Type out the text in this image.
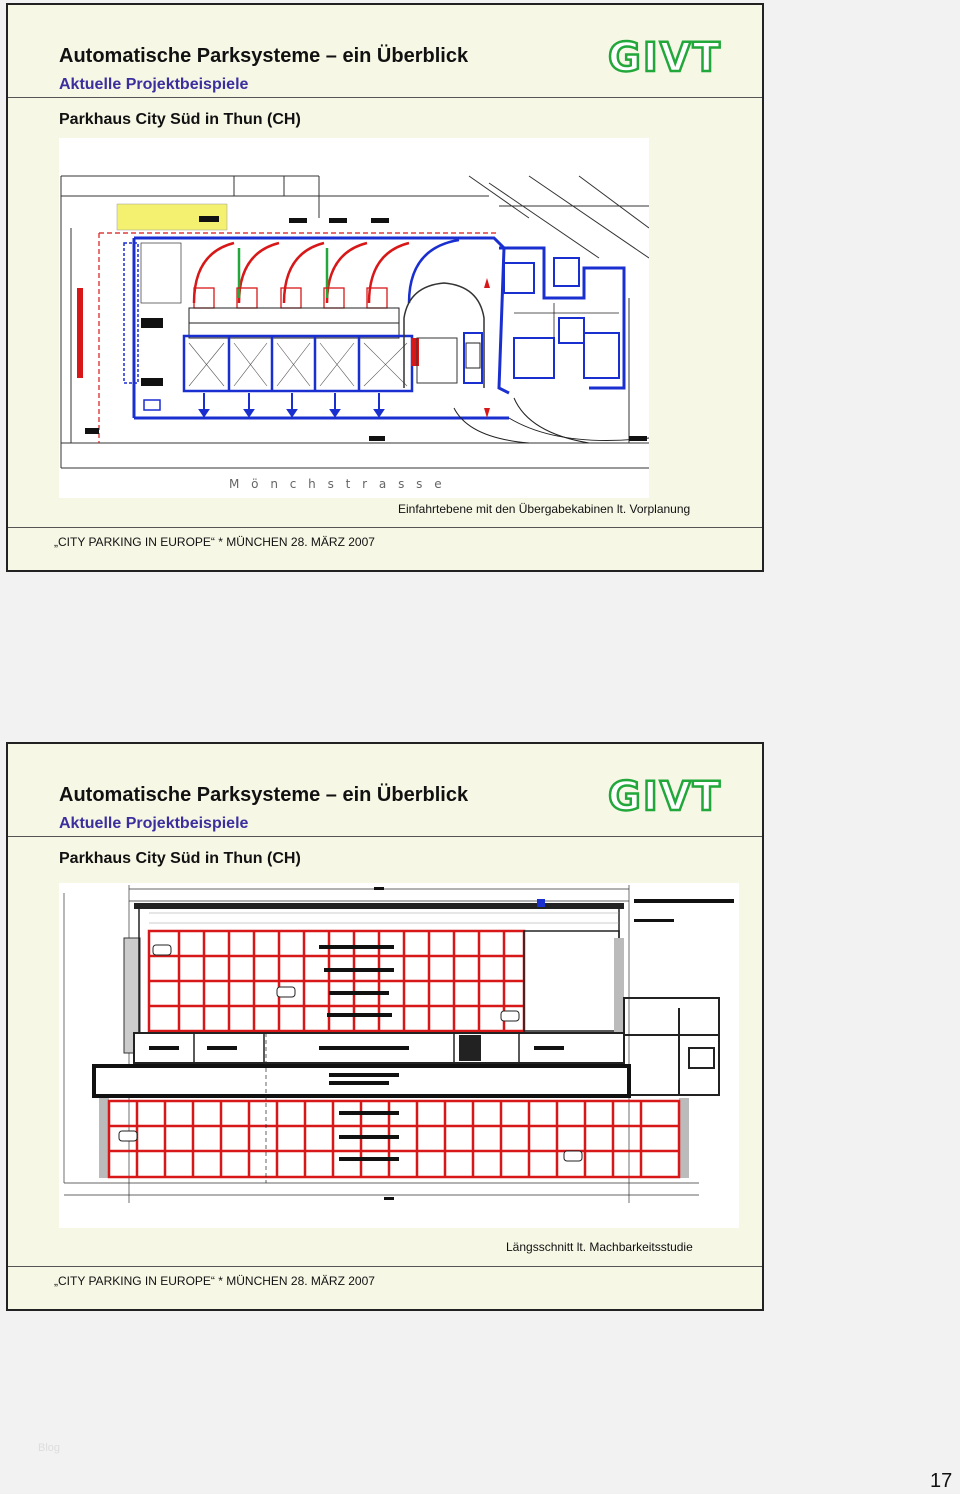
Automatische Parksysteme – ein Überblick
Aktuelle Projektbeispiele
GIVT
Parkhaus City Süd in Thun (CH)
M ö n c h s t r a s s e
Einfahrtebene mit den Übergabekabinen lt. Vorplanung
„CITY PARKING IN EUROPE“ * MÜNCHEN 28. MÄRZ 2007
Automatische Parksysteme – ein Überblick
Aktuelle Projektbeispiele
GIVT
Parkhaus City Süd in Thun (CH)
Längsschnitt lt. Machbarkeitsstudie
„CITY PARKING IN EUROPE“ * MÜNCHEN 28. MÄRZ 2007
Blog
17
